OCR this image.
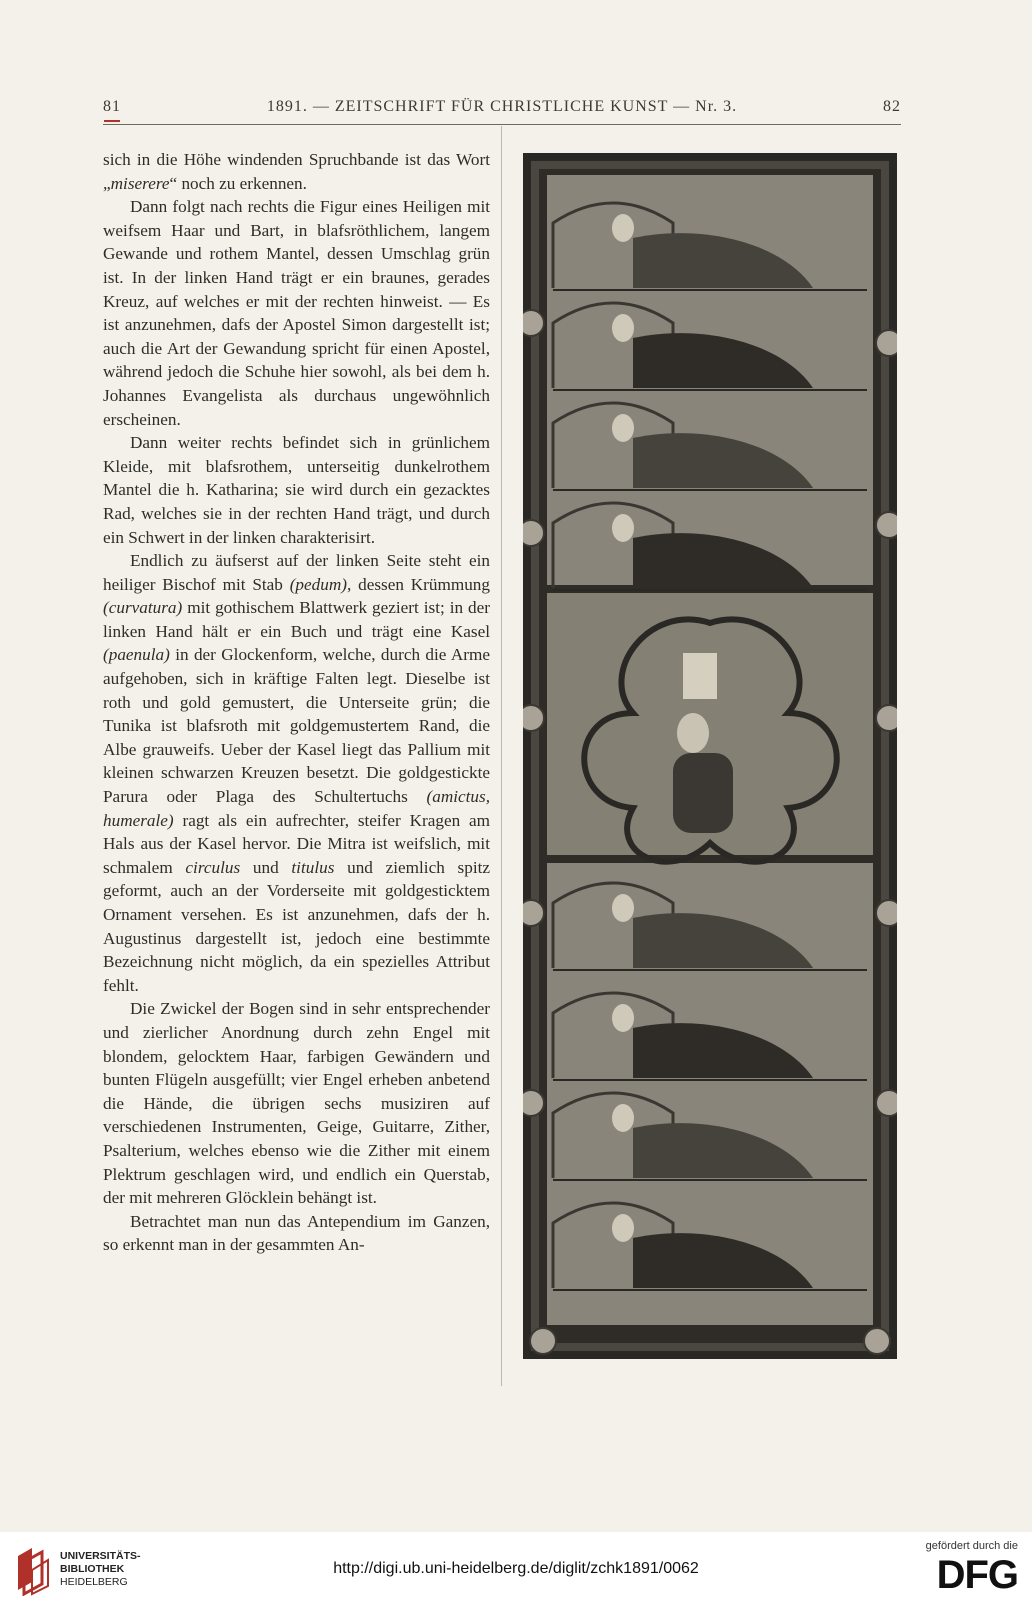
81	1891. — ZEITSCHRIFT FÜR CHRISTLICHE KUNST — Nr. 3.	82

sich in die Höhe windenden Spruchbande ist das Wort „miserere“ noch zu erkennen.

Dann folgt nach rechts die Figur eines Heiligen mit weifsem Haar und Bart, in blafsröthlichem, langem Gewande und rothem Mantel, dessen Umschlag grün ist. In der linken Hand trägt er ein braunes, gerades Kreuz, auf welches er mit der rechten hinweist. — Es ist anzunehmen, dafs der Apostel Simon dargestellt ist; auch die Art der Gewandung spricht für einen Apostel, während jedoch die Schuhe hier sowohl, als bei dem h. Johannes Evangelista als durchaus ungewöhnlich erscheinen.

Dann weiter rechts befindet sich in grünlichem Kleide, mit blafsrothem, unterseitig dunkelrothem Mantel die h. Katharina; sie wird durch ein gezacktes Rad, welches sie in der rechten Hand trägt, und durch ein Schwert in der linken charakterisirt.

Endlich zu äufserst auf der linken Seite steht ein heiliger Bischof mit Stab (pedum), dessen Krümmung (curvatura) mit gothischem Blattwerk geziert ist; in der linken Hand hält er ein Buch und trägt eine Kasel (paenula) in der Glockenform, welche, durch die Arme aufgehoben, sich in kräftige Falten legt. Dieselbe ist roth und gold gemustert, die Unterseite grün; die Tunika ist blafsroth mit goldgemustertem Rand, die Albe grauweifs. Ueber der Kasel liegt das Pallium mit kleinen schwarzen Kreuzen besetzt. Die goldgestickte Parura oder Plaga des Schultertuchs (amictus, humerale) ragt als ein aufrechter, steifer Kragen am Hals aus der Kasel hervor. Die Mitra ist weifslich, mit schmalem circulus und titulus und ziemlich spitz geformt, auch an der Vorderseite mit goldgesticktem Ornament versehen. Es ist anzunehmen, dafs der h. Augustinus dargestellt ist, jedoch eine bestimmte Bezeichnung nicht möglich, da ein spezielles Attribut fehlt.

Die Zwickel der Bogen sind in sehr entsprechender und zierlicher Anordnung durch zehn Engel mit blondem, gelocktem Haar, farbigen Gewändern und bunten Flügeln ausgefüllt; vier Engel erheben anbetend die Hände, die übrigen sechs musiziren auf verschiedenen Instrumenten, Geige, Guitarre, Zither, Psalterium, welches ebenso wie die Zither mit einem Plektrum geschlagen wird, und endlich ein Querstab, der mit mehreren Glöcklein behängt ist.

Betrachtet man nun das Antependium im Ganzen, so erkennt man in der gesammten An-

UNIVERSITÄTS-
BIBLIOTHEK
HEIDELBERG
http://digi.ub.uni-heidelberg.de/diglit/zchk1891/0062
gefördert durch die
DFG
